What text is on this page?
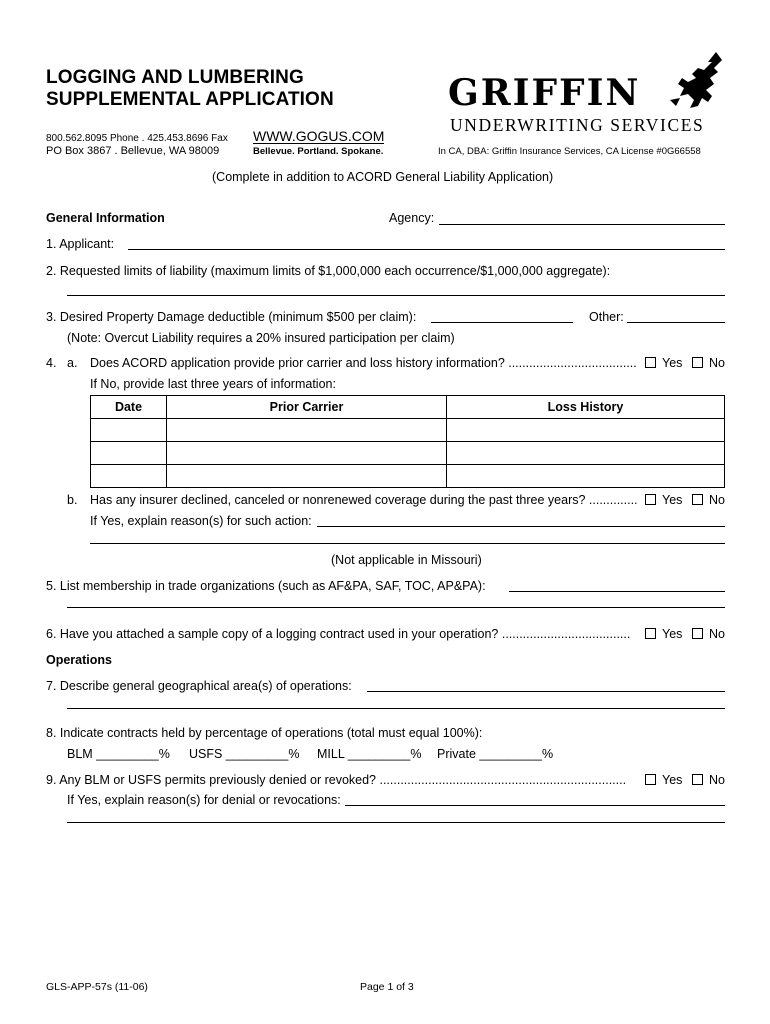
LOGGING AND LUMBERING
SUPPLEMENTAL APPLICATION
800.562.8095 Phone . 425.453.8696 Fax
PO Box 3867 . Bellevue, WA 98009
WWW.GOGUS.COM
Bellevue. Portland. Spokane.	In CA, DBA: Griffin Insurance Services, CA License #0G66558
GRIFFIN
UNDERWRITING SERVICES
(Complete in addition to ACORD General Liability Application)
General Information	Agency:
1. Applicant:
2. Requested limits of liability (maximum limits of $1,000,000 each occurrence/$1,000,000 aggregate):
3. Desired Property Damage deductible (minimum $500 per claim):	Other:
(Note: Overcut Liability requires a 20% insured participation per claim)
4. a. Does ACORD application provide prior carrier and loss history information? ..................................... Yes No
If No, provide last three years of information:
Date	Prior Carrier	Loss History

b. Has any insurer declined, canceled or nonrenewed coverage during the past three years? .............. Yes No
If Yes, explain reason(s) for such action:
(Not applicable in Missouri)
5. List membership in trade organizations (such as AF&PA, SAF, TOC, AP&PA):
6. Have you attached a sample copy of a logging contract used in your operation? .....................................	Yes No
Operations
7. Describe general geographical area(s) of operations:
8. Indicate contracts held by percentage of operations (total must equal 100%):
BLM _________% USFS _________% MILL _________% Private _________%
9. Any BLM or USFS permits previously denied or revoked? .......................................................................	Yes No
If Yes, explain reason(s) for denial or revocations:
GLS-APP-57s (11-06)	Page 1 of 3
